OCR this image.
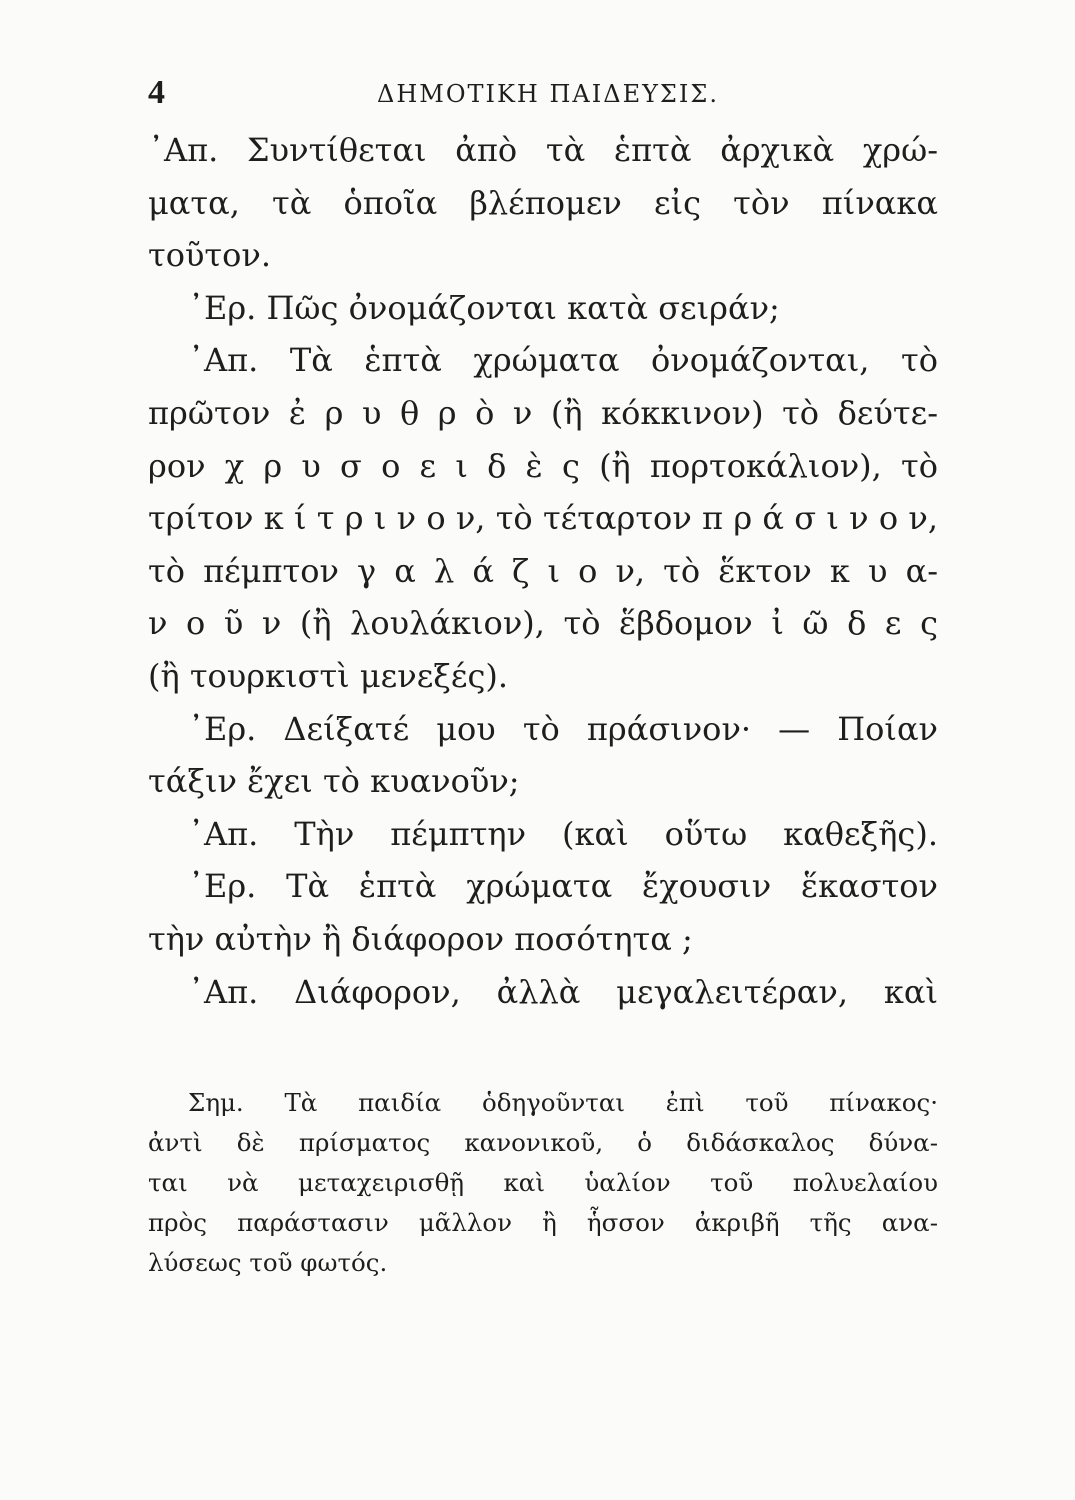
4	ΔΗΜΟΤΙΚΗ ΠΑΙΔΕΥΣΙΣ.
᾿Απ. Συντίθεται ἀπὸ τὰ ἑπτὰ ἀρχικὰ χρώ-
ματα, τὰ ὁποῖα βλέπομεν εἰς τὸν πίνακα
τοῦτον.
᾿Ερ. Πῶς ὀνομάζονται κατὰ σειράν;
᾿Απ. Τὰ ἑπτὰ χρώματα ὀνομάζονται, τὸ
πρῶτον ἐ ρ υ θ ρ ὸ ν (ἢ κόκκινον) τὸ δεύτε-
ρον χ ρ υ σ ο ε ι δ ὲ ς (ἢ πορτοκάλιον), τὸ
τρίτον κ ί τ ρ ι ν ο ν, τὸ τέταρτον π ρ ά σ ι ν ο ν,
τὸ πέμπτον γ α λ ά ζ ι ο ν, τὸ ἕκτον κ υ α-
ν ο ῦ ν (ἢ λουλάκιον), τὸ ἕβδομον ἰ ῶ δ ε ς
(ἢ τουρκιστὶ μενεξές).
᾿Ερ. Δείξατέ μου τὸ πράσινον· — Ποίαν
τάξιν ἔχει τὸ κυανοῦν;
᾿Απ. Τὴν πέμπτην (καὶ οὕτω καθεξῆς).
᾿Ερ. Τὰ ἑπτὰ χρώματα ἔχουσιν ἕκαστον
τὴν αὐτὴν ἢ διάφορον ποσότητα ;
᾿Απ. Διάφορον, ἀλλὰ μεγαλειτέραν, καὶ
Σημ. Τὰ παιδία ὁδηγοῦνται ἐπὶ τοῦ πίνακος·
ἀντὶ δὲ πρίσματος κανονικοῦ, ὁ διδάσκαλος δύνα-
ται νὰ μεταχειρισθῇ καὶ ὑαλίον τοῦ πολυελαίου
πρὸς παράστασιν μᾶλλον ἢ ἧσσον ἀκριβῆ τῆς ανα-
λύσεως τοῦ φωτός.
